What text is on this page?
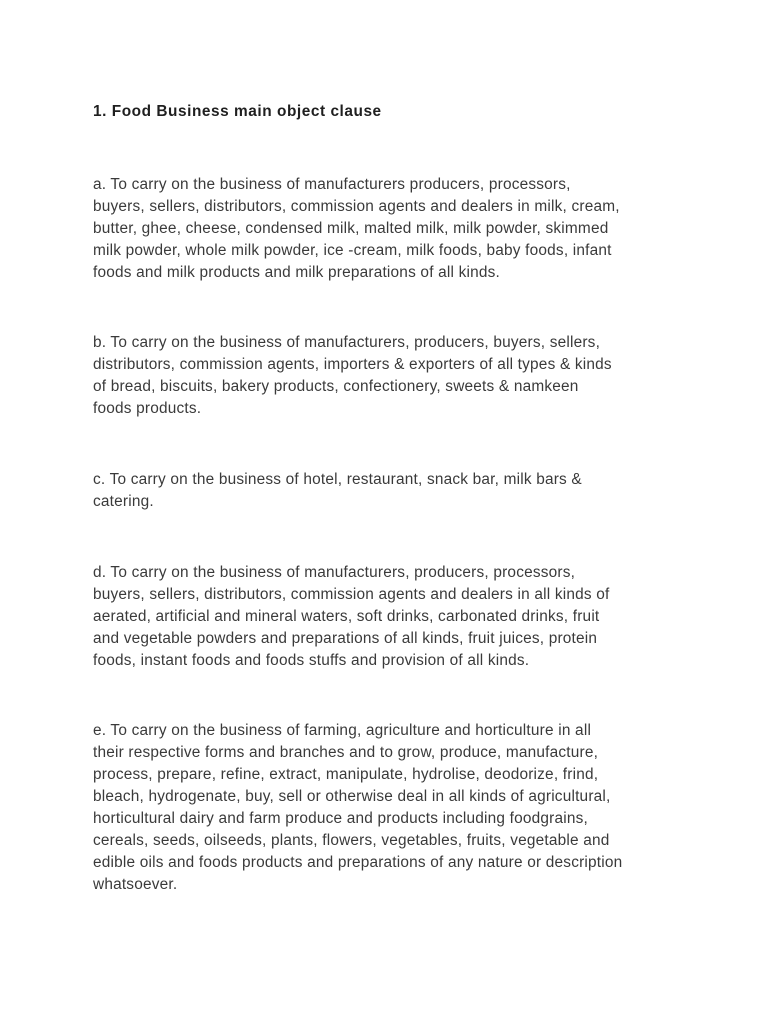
1. Food Business main object clause

a. To carry on the business of manufacturers producers, processors,
buyers, sellers, distributors, commission agents and dealers in milk, cream,
butter, ghee, cheese, condensed milk, malted milk, milk powder, skimmed
milk powder, whole milk powder, ice -cream, milk foods, baby foods, infant
foods and milk products and milk preparations of all kinds.

b. To carry on the business of manufacturers, producers, buyers, sellers,
distributors, commission agents, importers & exporters of all types & kinds
of bread, biscuits, bakery products, confectionery, sweets & namkeen
foods products.

c. To carry on the business of hotel, restaurant, snack bar, milk bars &
catering.

d. To carry on the business of manufacturers, producers, processors,
buyers, sellers, distributors, commission agents and dealers in all kinds of
aerated, artificial and mineral waters, soft drinks, carbonated drinks, fruit
and vegetable powders and preparations of all kinds, fruit juices, protein
foods, instant foods and foods stuffs and provision of all kinds.

e. To carry on the business of farming, agriculture and horticulture in all
their respective forms and branches and to grow, produce, manufacture,
process, prepare, refine, extract, manipulate, hydrolise, deodorize, frind,
bleach, hydrogenate, buy, sell or otherwise deal in all kinds of agricultural,
horticultural dairy and farm produce and products including foodgrains,
cereals, seeds, oilseeds, plants, flowers, vegetables, fruits, vegetable and
edible oils and foods products and preparations of any nature or description
whatsoever.
